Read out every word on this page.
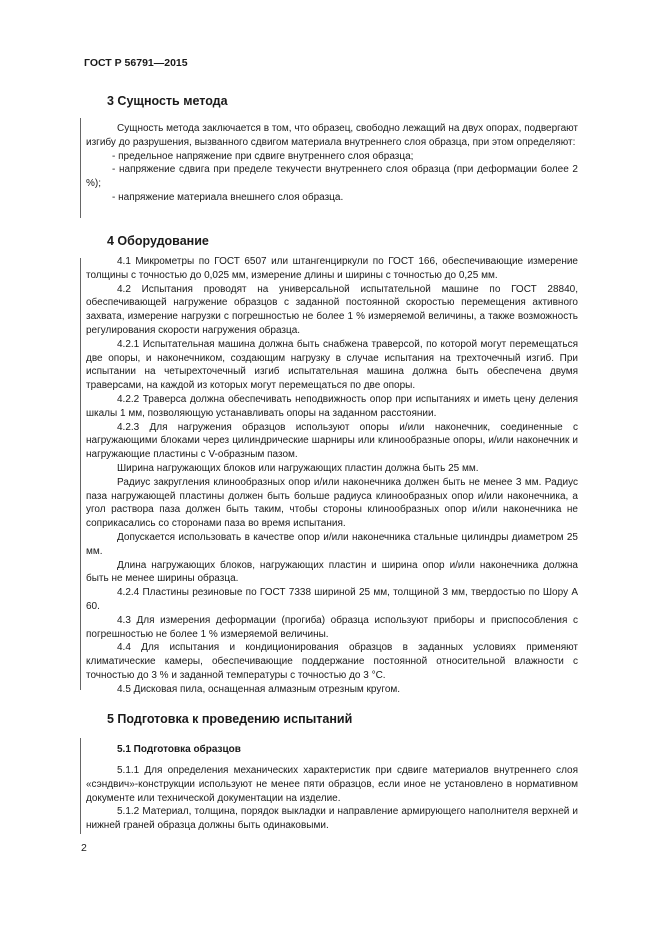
ГОСТ Р 56791—2015
3 Сущность метода

Сущность метода заключается в том, что образец, свободно лежащий на двух опорах, подвергают изгибу до разрушения, вызванного сдвигом материала внутреннего слоя образца, при этом определяют:

- предельное напряжение при сдвиге внутреннего слоя образца;

- напряжение сдвига при пределе текучести внутреннего слоя образца (при деформации более 2 %);

- напряжение материала внешнего слоя образца.

4 Оборудование

4.1 Микрометры по ГОСТ 6507 или штангенциркули по ГОСТ 166, обеспечивающие измерение толщины с точностью до 0,025 мм, измерение длины и ширины с точностью до 0,25 мм.

4.2 Испытания проводят на универсальной испытательной машине по ГОСТ 28840, обеспечивающей нагружение образцов с заданной постоянной скоростью перемещения активного захвата, измерение нагрузки с погрешностью не более 1 % измеряемой величины, а также возможность регулирования скорости нагружения образца.

4.2.1 Испытательная машина должна быть снабжена траверсой, по которой могут перемещаться две опоры, и наконечником, создающим нагрузку в случае испытания на трехточечный изгиб. При испытании на четырехточечный изгиб испытательная машина должна быть обеспечена двумя траверсами, на каждой из которых могут перемещаться по две опоры.

4.2.2 Траверса должна обеспечивать неподвижность опор при испытаниях и иметь цену деления шкалы 1 мм, позволяющую устанавливать опоры на заданном расстоянии.

4.2.3 Для нагружения образцов используют опоры и/или наконечник, соединенные с нагружающими блоками через цилиндрические шарниры или клинообразные опоры, и/или наконечник и нагружающие пластины с V-образным пазом.

Ширина нагружающих блоков или нагружающих пластин должна быть 25 мм.

Радиус закругления клинообразных опор и/или наконечника должен быть не менее 3 мм. Радиус паза нагружающей пластины должен быть больше радиуса клинообразных опор и/или наконечника, а угол раствора паза должен быть таким, чтобы стороны клинообразных опор и/или наконечника не соприкасались со сторонами паза во время испытания.

Допускается использовать в качестве опор и/или наконечника стальные цилиндры диаметром 25 мм.

Длина нагружающих блоков, нагружающих пластин и ширина опор и/или наконечника должна быть не менее ширины образца.

4.2.4 Пластины резиновые по ГОСТ 7338 шириной 25 мм, толщиной 3 мм, твердостью по Шору А 60.

4.3 Для измерения деформации (прогиба) образца используют приборы и приспособления с погрешностью не более 1 % измеряемой величины.

4.4 Для испытания и кондиционирования образцов в заданных условиях применяют климатические камеры, обеспечивающие поддержание постоянной относительной влажности с точностью до 3 % и заданной температуры с точностью до 3 °С.

4.5 Дисковая пила, оснащенная алмазным отрезным кругом.

5 Подготовка к проведению испытаний
5.1 Подготовка образцов

5.1.1 Для определения механических характеристик при сдвиге материалов внутреннего слоя «сэндвич»-конструкции используют не менее пяти образцов, если иное не установлено в нормативном документе или технической документации на изделие.

5.1.2 Материал, толщина, порядок выкладки и направление армирующего наполнителя верхней и нижней граней образца должны быть одинаковыми.

2
